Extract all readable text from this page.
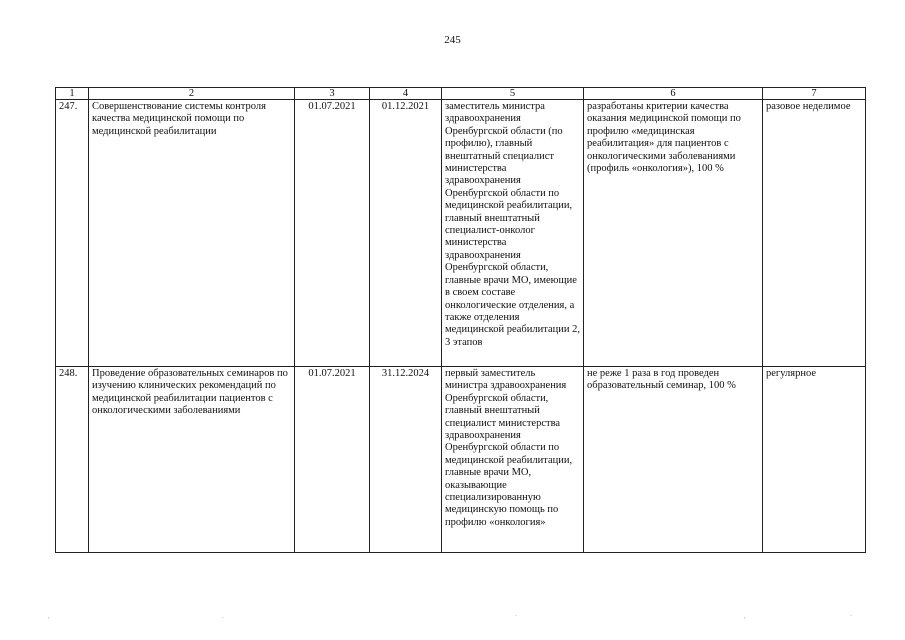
245
1	2	3	4	5	6	7
247.	Совершенствование системы контроля качества медицинской помощи по медицинской реабилитации	01.07.2021	01.12.2021	заместитель министра здравоохранения Оренбургской области (по профилю), главный внештатный специалист министерства здравоохранения Оренбургской области по медицинской реабилитации, главный внештатный специалист-онколог министерства здравоохранения Оренбургской области, главные врачи МО, имеющие в своем составе онкологические отделения, а также отделения медицинской реабилитации 2, 3 этапов	разработаны критерии качества оказания медицинской помощи по профилю «медицинская реабилитация» для пациентов с онкологическими заболеваниями (профиль «онкология»), 100 %	разовое неделимое
248.	Проведение образовательных семинаров по изучению клинических рекомендаций по медицинской реабилитации пациентов с онкологическими заболеваниями	01.07.2021	31.12.2024	первый заместитель министра здравоохранения Оренбургской области, главный внештатный специалист министерства здравоохранения Оренбургской области по медицинской реабилитации, главные врачи МО, оказывающие специализированную медицинскую помощь по профилю «онкология»	не реже 1 раза в год проведен образовательный семинар, 100 %	регулярное
,	.	·	,	·
